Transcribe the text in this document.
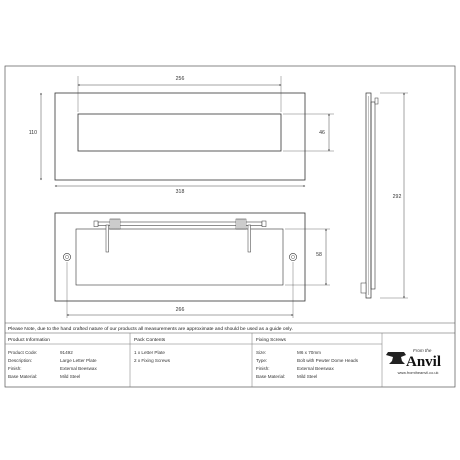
318
110
256
46
58
266
292
Please Note, due to the hand crafted nature of our products all measurements are approximate and should be used as a guide only.
Product Information
Product Code:	91492
Description:	Large Letter Plate
Finish:	External Beeswax
Base Material:	Mild Steel
Pack Contents
1 x Letter Plate
2 x Fixing Screws
Fixing Screws
Size:	M6 x 70mm
Type:	Bolt with Pewter Dome Heads
Finish:	External Beeswax
Base Material:	Mild Steel
From the
Anvil
www.fromtheanvil.co.uk
